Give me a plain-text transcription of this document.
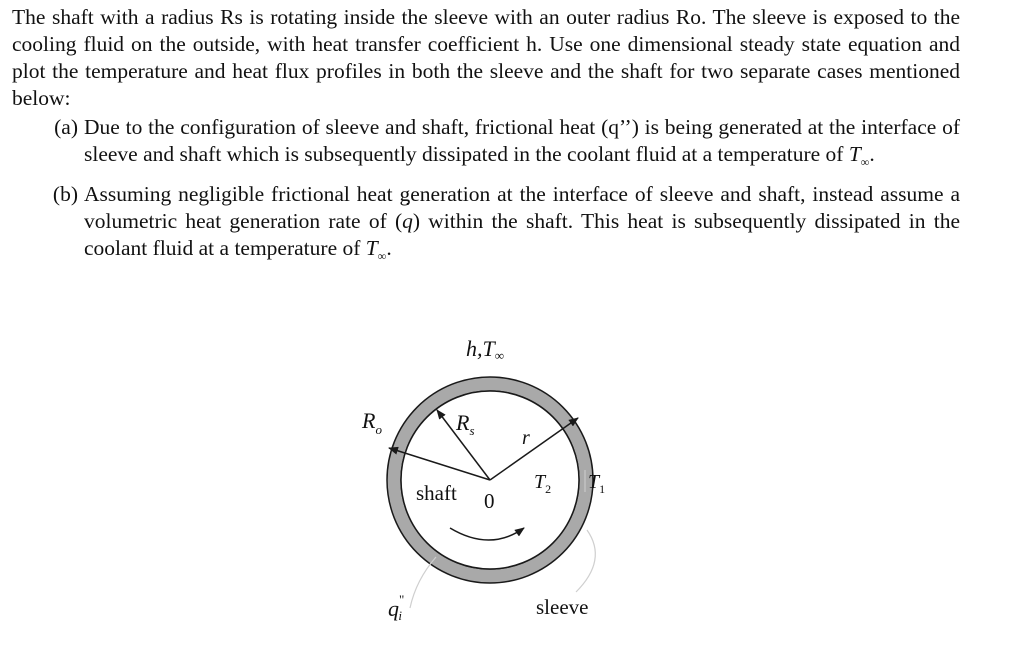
The shaft with a radius Rs is rotating inside the sleeve with an outer radius Ro. The sleeve is exposed to the cooling fluid on the outside, with heat transfer coefficient h. Use one dimensional steady state equation and plot the temperature and heat flux profiles in both the sleeve and the shaft for two separate cases mentioned below:

(a) Due to the configuration of sleeve and shaft, frictional heat (q’’) is being generated at the interface of sleeve and shaft which is subsequently dissipated in the coolant fluid at a temperature of $T_\infty$.
(b) Assuming negligible frictional heat generation at the interface of sleeve and shaft, instead assume a volumetric heat generation rate of (˙ q) within the shaft. This heat is subsequently dissipated in the coolant fluid at a temperature of $T_\infty$.
h,T∞
$R_o$	$R_s$ r
$T_2$ $T_1$
shaft 0
q" i	sleeve
